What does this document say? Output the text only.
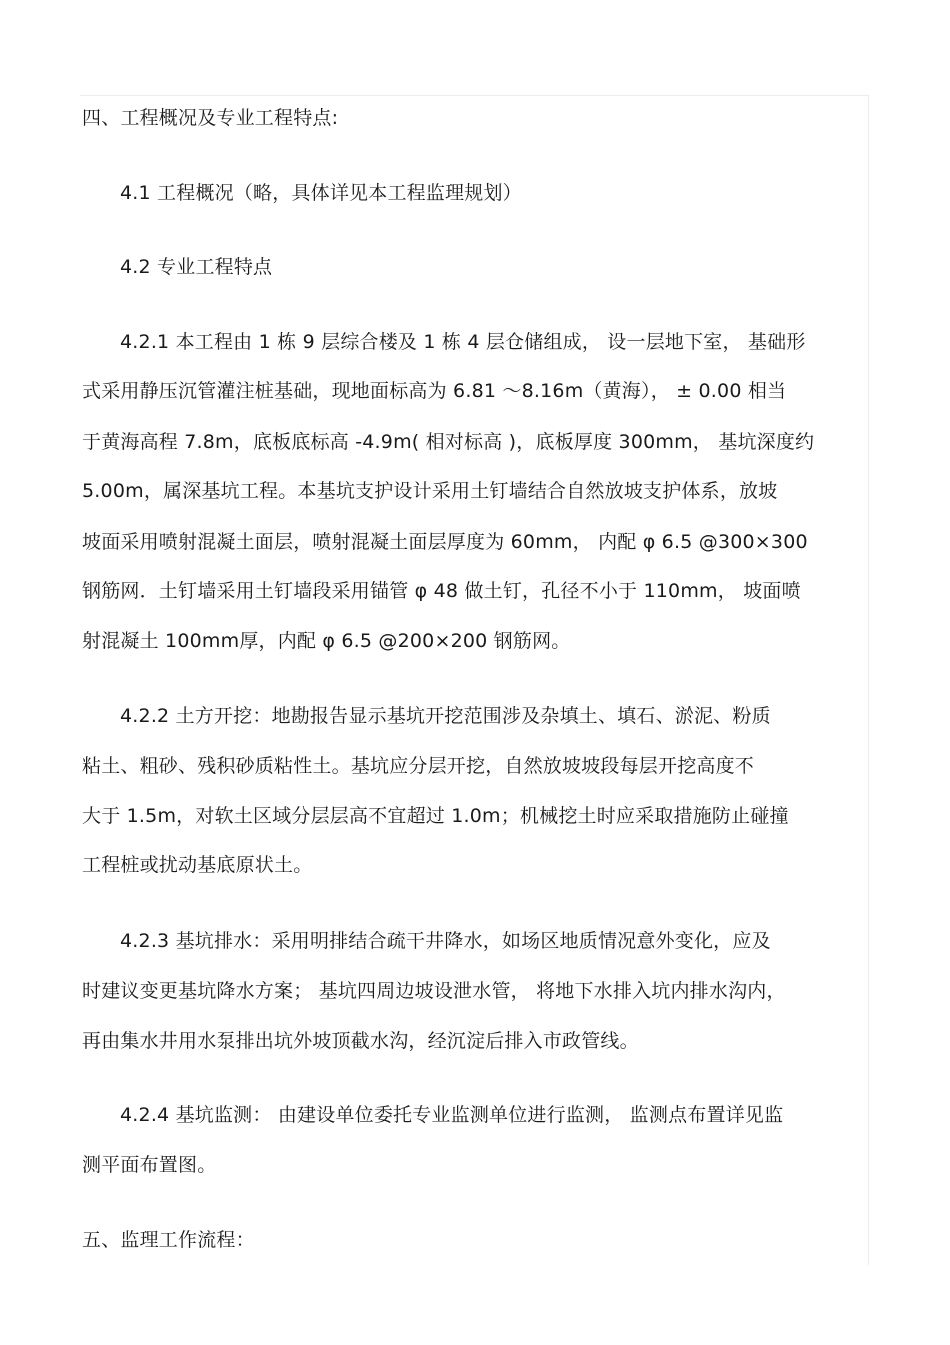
四、工程概况及专业工程特点:
4.1 工程概况（略，具体详见本工程监理规划）
4.2 专业工程特点
4.2.1 本工程由 1 栋 9 层综合楼及 1 栋 4 层仓储组成， 设一层地下室， 基础形
式采用静压沉管灌注桩基础，现地面标高为 6.81 ～8.16m（黄海）， ± 0.00 相当
于黄海高程 7.8m，底板底标高 -4.9m( 相对标高 )，底板厚度 300mm， 基坑深度约
5.00m，属深基坑工程。本基坑支护设计采用土钉墙结合自然放坡支护体系，放坡
坡面采用喷射混凝土面层，喷射混凝土面层厚度为 60mm， 内配 φ 6.5 @300×300
钢筋网．土钉墙采用土钉墙段采用锚管 φ 48 做土钉，孔径不小于 110mm， 坡面喷
射混凝土 100mm厚，内配 φ 6.5 @200×200 钢筋网。
4.2.2 土方开挖：地勘报告显示基坑开挖范围涉及杂填土、填石、淤泥、粉质
粘土、粗砂、残积砂质粘性土。基坑应分层开挖，自然放坡坡段每层开挖高度不
大于 1.5m，对软土区域分层层高不宜超过 1.0m；机械挖土时应采取措施防止碰撞
工程桩或扰动基底原状土。
4.2.3 基坑排水：采用明排结合疏干井降水，如场区地质情况意外变化，应及
时建议变更基坑降水方案； 基坑四周边坡设泄水管， 将地下水排入坑内排水沟内，
再由集水井用水泵排出坑外坡顶截水沟，经沉淀后排入市政管线。
4.2.4 基坑监测： 由建设单位委托专业监测单位进行监测， 监测点布置详见监
测平面布置图。
五、监理工作流程：
